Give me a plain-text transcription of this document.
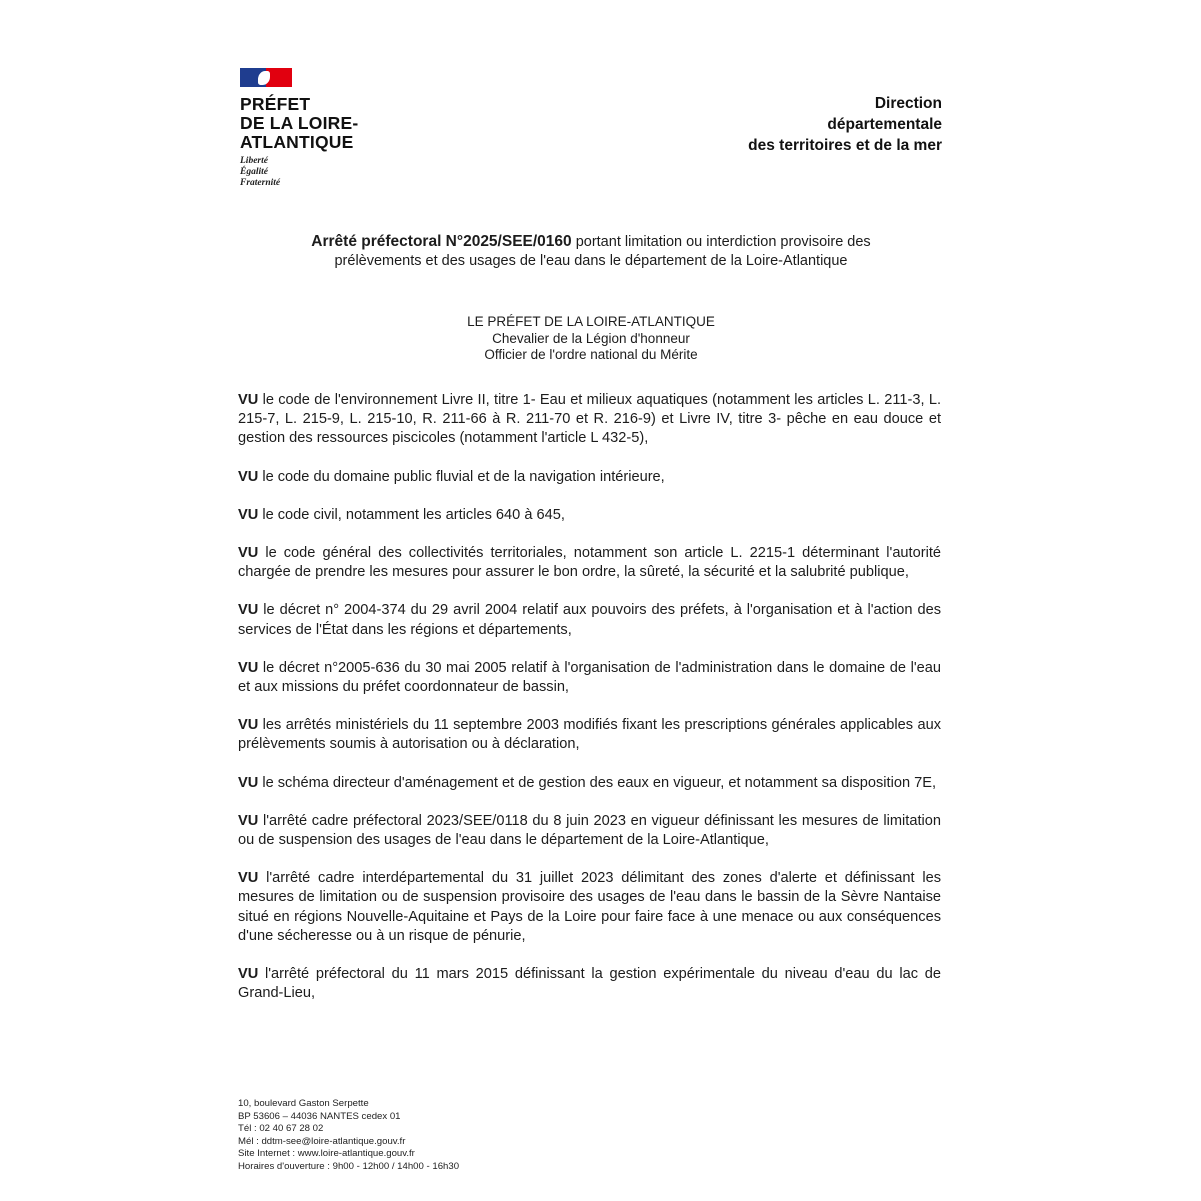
PRÉFET
DE LA LOIRE-
ATLANTIQUE
Liberté
Égalité
Fraternité
Direction
départementale
des territoires et de la mer
Arrêté préfectoral N°2025/SEE/0160 portant limitation ou interdiction provisoire des
prélèvements et des usages de l'eau dans le département de la Loire-Atlantique
LE PRÉFET DE LA LOIRE-ATLANTIQUE
Chevalier de la Légion d'honneur
Officier de l'ordre national du Mérite

VU le code de l'environnement Livre II, titre 1- Eau et milieux aquatiques (notamment les articles L. 211-3, L. 215-7, L. 215-9, L. 215-10, R. 211-66 à R. 211-70 et R. 216-9) et Livre IV, titre 3- pêche en eau douce et gestion des ressources piscicoles (notamment l'article L 432-5),

VU le code du domaine public fluvial et de la navigation intérieure,

VU le code civil, notamment les articles 640 à 645,

VU le code général des collectivités territoriales, notamment son article L. 2215-1 déterminant l'autorité chargée de prendre les mesures pour assurer le bon ordre, la sûreté, la sécurité et la salubrité publique,

VU le décret n° 2004-374 du 29 avril 2004 relatif aux pouvoirs des préfets, à l'organisation et à l'action des services de l'État dans les régions et départements,

VU le décret n°2005-636 du 30 mai 2005 relatif à l'organisation de l'administration dans le domaine de l'eau et aux missions du préfet coordonnateur de bassin,

VU les arrêtés ministériels du 11 septembre 2003 modifiés fixant les prescriptions générales applicables aux prélèvements soumis à autorisation ou à déclaration,

VU le schéma directeur d'aménagement et de gestion des eaux en vigueur, et notamment sa disposition 7E,

VU l'arrêté cadre préfectoral 2023/SEE/0118 du 8 juin 2023 en vigueur définissant les mesures de limitation ou de suspension des usages de l'eau dans le département de la Loire-Atlantique,

VU l'arrêté cadre interdépartemental du 31 juillet 2023 délimitant des zones d'alerte et définissant les mesures de limitation ou de suspension provisoire des usages de l'eau dans le bassin de la Sèvre Nantaise situé en régions Nouvelle-Aquitaine et Pays de la Loire pour faire face à une menace ou aux conséquences d'une sécheresse ou à un risque de pénurie,

VU l'arrêté préfectoral du 11 mars 2015 définissant la gestion expérimentale du niveau d'eau du lac de Grand-Lieu,

10, boulevard Gaston Serpette
BP 53606 – 44036 NANTES cedex 01
Tél : 02 40 67 28 02
Mél : ddtm-see@loire-atlantique.gouv.fr
Site Internet : www.loire-atlantique.gouv.fr
Horaires d'ouverture : 9h00 - 12h00 / 14h00 - 16h30
